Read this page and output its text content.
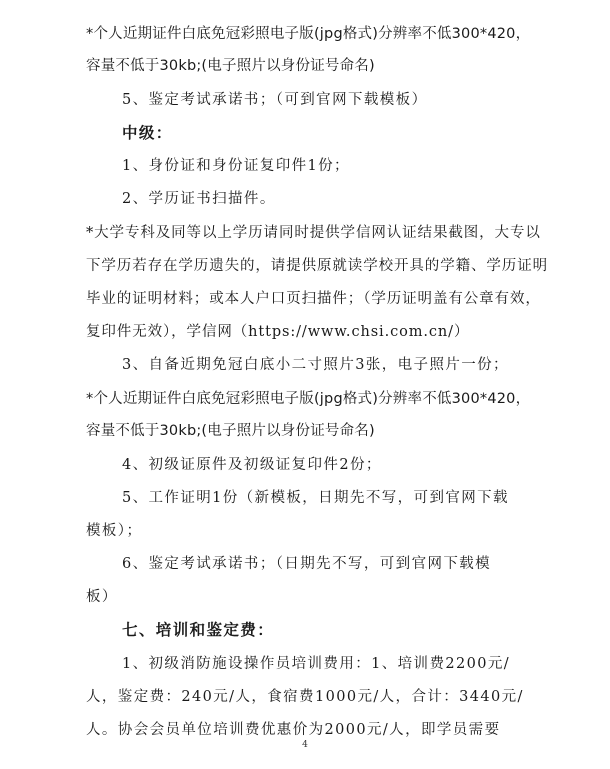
*个人近期证件白底免冠彩照电子版(jpg格式)分辨率不低300*420，
容量不低于30kb;(电子照片以身份证号命名)
5、鉴定考试承诺书；（可到官网下载模板）
中级：
1、身份证和身份证复印件1份；
2、学历证书扫描件。
*大学专科及同等以上学历请同时提供学信网认证结果截图，大专以
下学历若存在学历遗失的，请提供原就读学校开具的学籍、学历证明
毕业的证明材料；或本人户口页扫描件；（学历证明盖有公章有效，
复印件无效），学信网（https://www.chsi.com.cn/）
3、自备近期免冠白底小二寸照片3张，电子照片一份；
*个人近期证件白底免冠彩照电子版(jpg格式)分辨率不低300*420，
容量不低于30kb;(电子照片以身份证号命名)
4、初级证原件及初级证复印件2份；
5、工作证明1份（新模板，日期先不写，可到官网下载
模板）；
6、鉴定考试承诺书；（日期先不写，可到官网下载模
板）
七、培训和鉴定费：
1、初级消防施设操作员培训费用：1、培训费2200元/
人，鉴定费：240元/人，食宿费1000元/人，合计：3440元/
人。协会会员单位培训费优惠价为2000元/人，即学员需要
4
